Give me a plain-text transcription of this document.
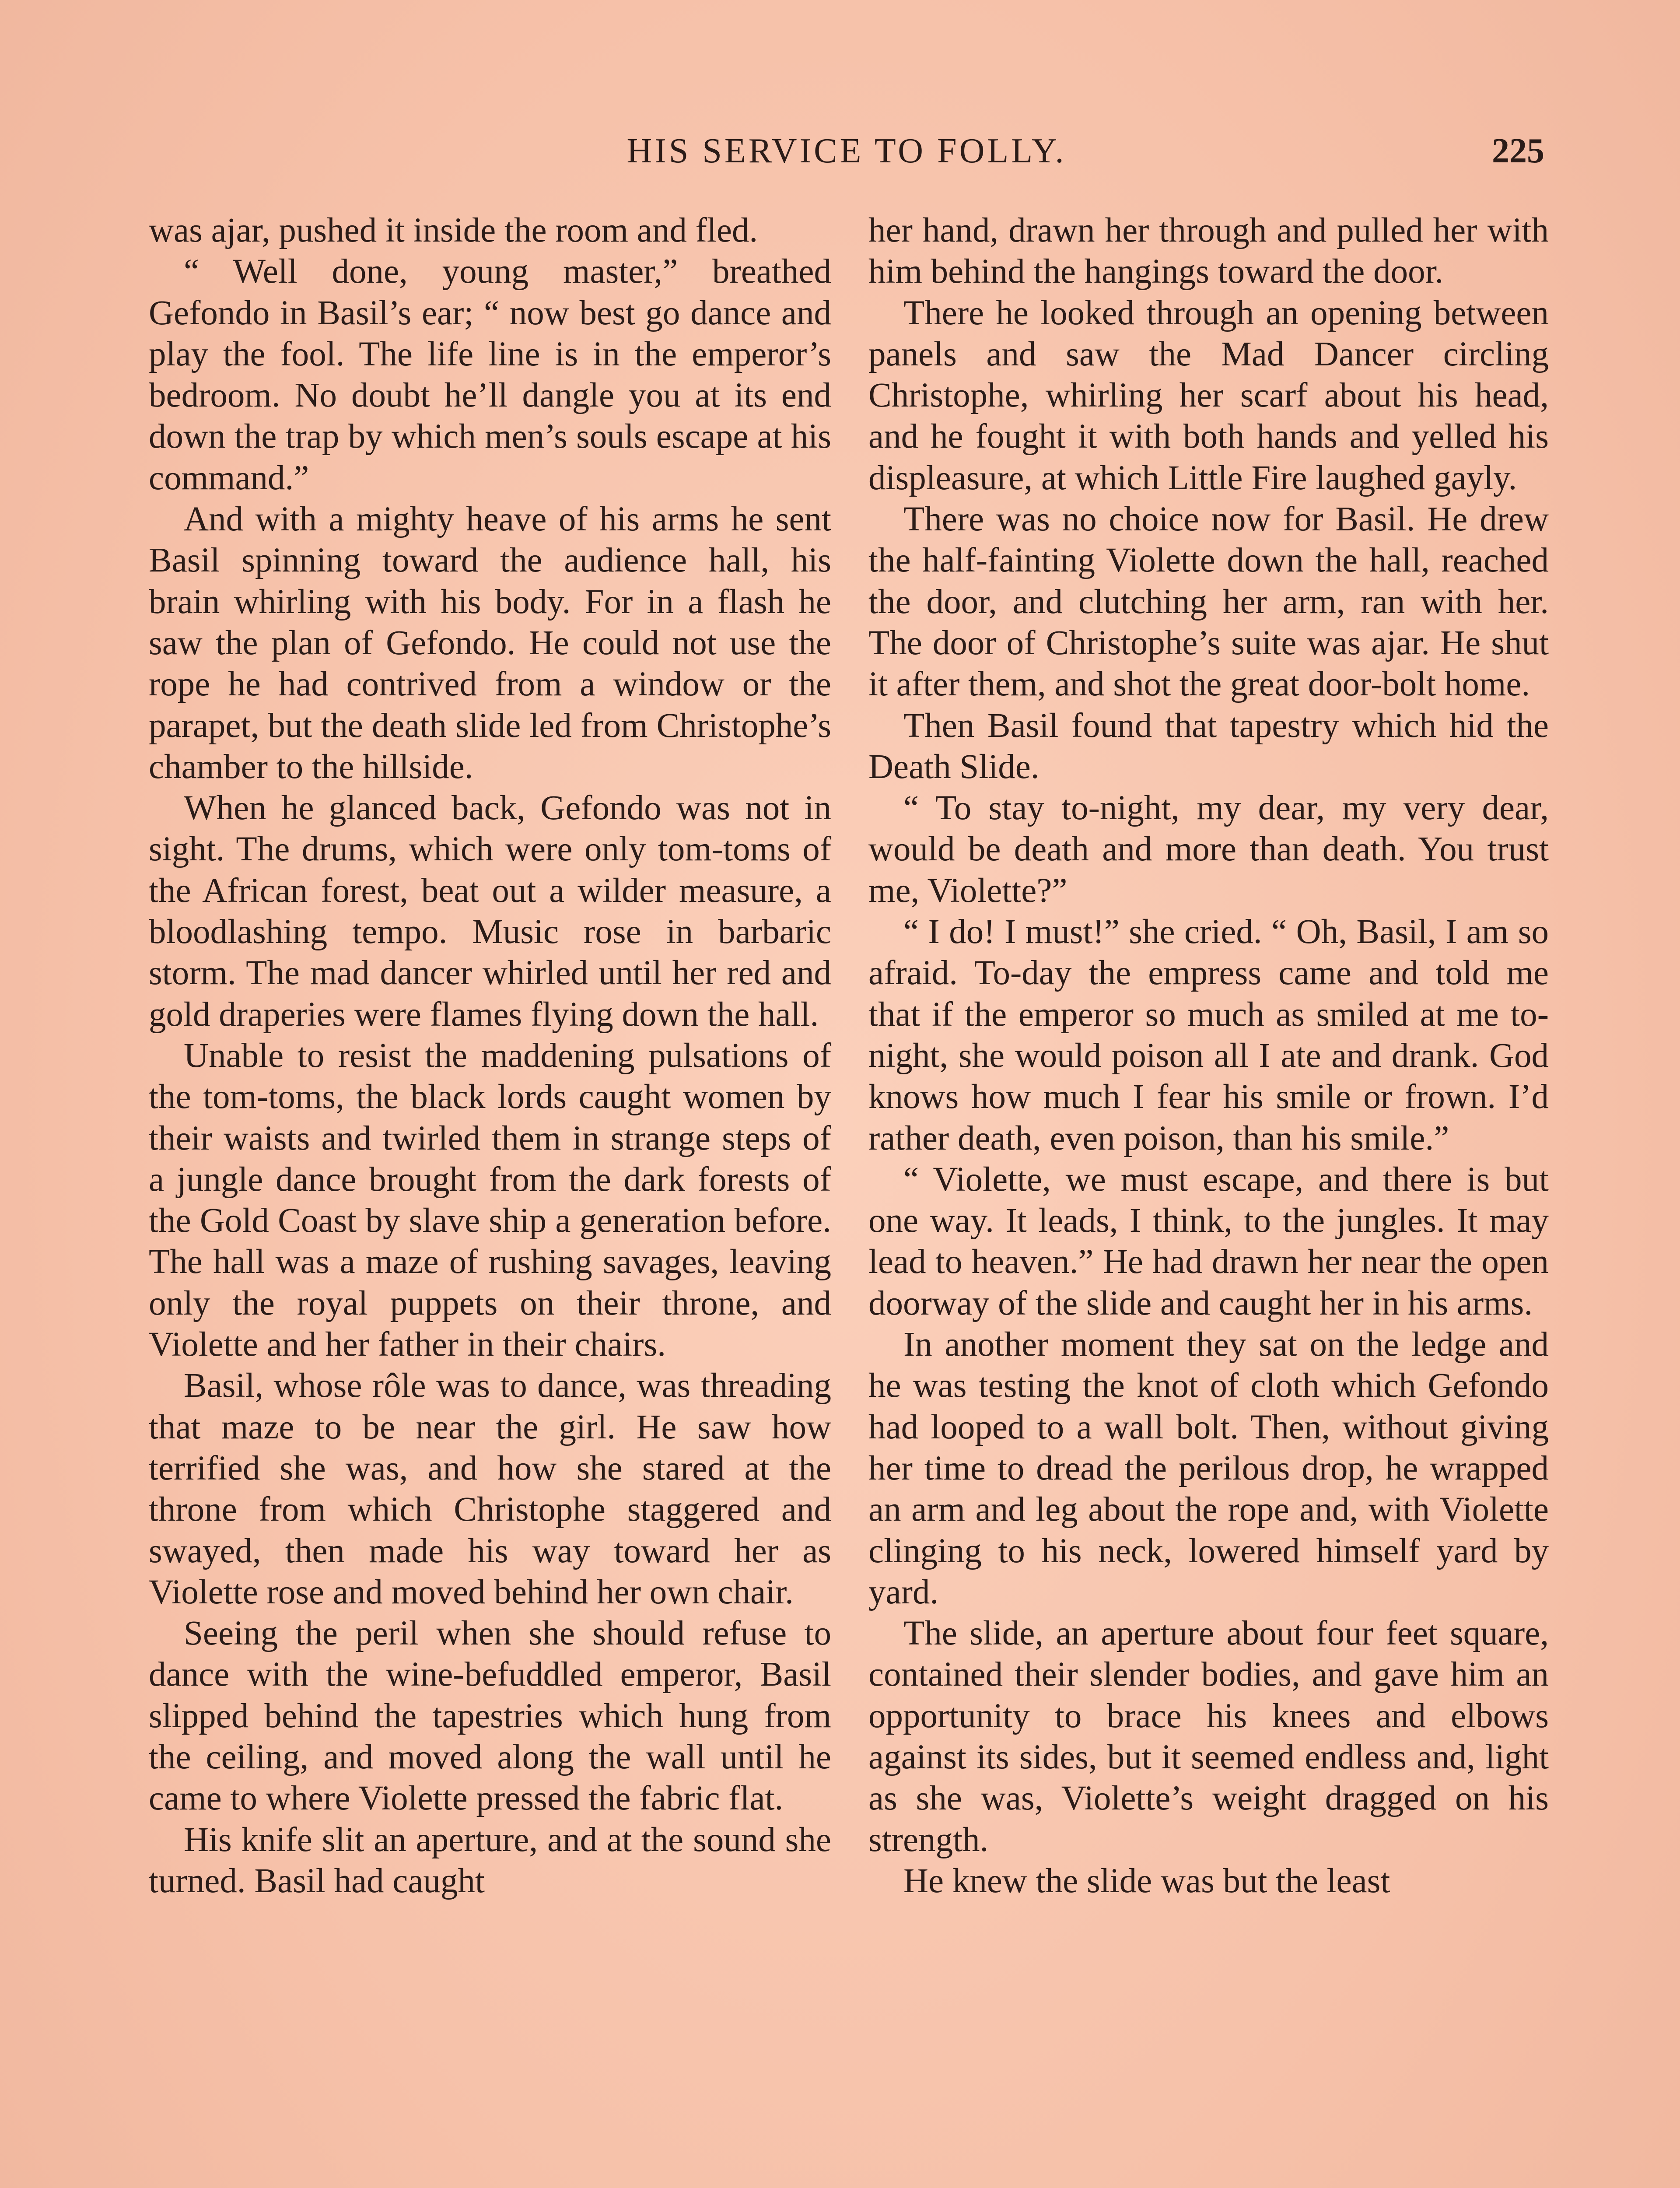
HIS SERVICE TO FOLLY.	225

was ajar, pushed it inside the room and fled.

“ Well done, young master,” breathed Gefondo in Basil’s ear; “ now best go dance and play the fool. The life line is in the emperor’s bedroom. No doubt he’ll dangle you at its end down the trap by which men’s souls escape at his command.”

And with a mighty heave of his arms he sent Basil spinning toward the audience hall, his brain whirling with his body. For in a flash he saw the plan of Gefondo. He could not use the rope he had contrived from a window or the parapet, but the death slide led from Christophe’s chamber to the hillside.

When he glanced back, Gefondo was not in sight. The drums, which were only tom-toms of the African forest, beat out a wilder measure, a bloodlashing tempo. Music rose in barbaric storm. The mad dancer whirled until her red and gold draperies were flames flying down the hall.

Unable to resist the maddening pulsations of the tom-toms, the black lords caught women by their waists and twirled them in strange steps of a jungle dance brought from the dark forests of the Gold Coast by slave ship a generation before. The hall was a maze of rushing savages, leaving only the royal puppets on their throne, and Violette and her father in their chairs.

Basil, whose rôle was to dance, was threading that maze to be near the girl. He saw how terrified she was, and how she stared at the throne from which Christophe staggered and swayed, then made his way toward her as Violette rose and moved behind her own chair.

Seeing the peril when she should refuse to dance with the wine-befuddled emperor, Basil slipped behind the tapestries which hung from the ceiling, and moved along the wall until he came to where Violette pressed the fabric flat.

His knife slit an aperture, and at the sound she turned. Basil had caught

her hand, drawn her through and pulled her with him behind the hangings toward the door.

There he looked through an opening between panels and saw the Mad Dancer circling Christophe, whirling her scarf about his head, and he fought it with both hands and yelled his displeasure, at which Little Fire laughed gayly.

There was no choice now for Basil. He drew the half-fainting Violette down the hall, reached the door, and clutching her arm, ran with her. The door of Christophe’s suite was ajar. He shut it after them, and shot the great door-bolt home.

Then Basil found that tapestry which hid the Death Slide.

“ To stay to-night, my dear, my very dear, would be death and more than death. You trust me, Violette?”

“ I do! I must!” she cried. “ Oh, Basil, I am so afraid. To-day the empress came and told me that if the emperor so much as smiled at me tonight, she would poison all I ate and drank. God knows how much I fear his smile or frown. I’d rather death, even poison, than his smile.”

“ Violette, we must escape, and there is but one way. It leads, I think, to the jungles. It may lead to heaven.” He had drawn her near the open doorway of the slide and caught her in his arms.

In another moment they sat on the ledge and he was testing the knot of cloth which Gefondo had looped to a wall bolt. Then, without giving her time to dread the perilous drop, he wrapped an arm and leg about the rope and, with Violette clinging to his neck, lowered himself yard by yard.

The slide, an aperture about four feet square, contained their slender bodies, and gave him an opportunity to brace his knees and elbows against its sides, but it seemed endless and, light as she was, Violette’s weight dragged on his strength.

He knew the slide was but the least
